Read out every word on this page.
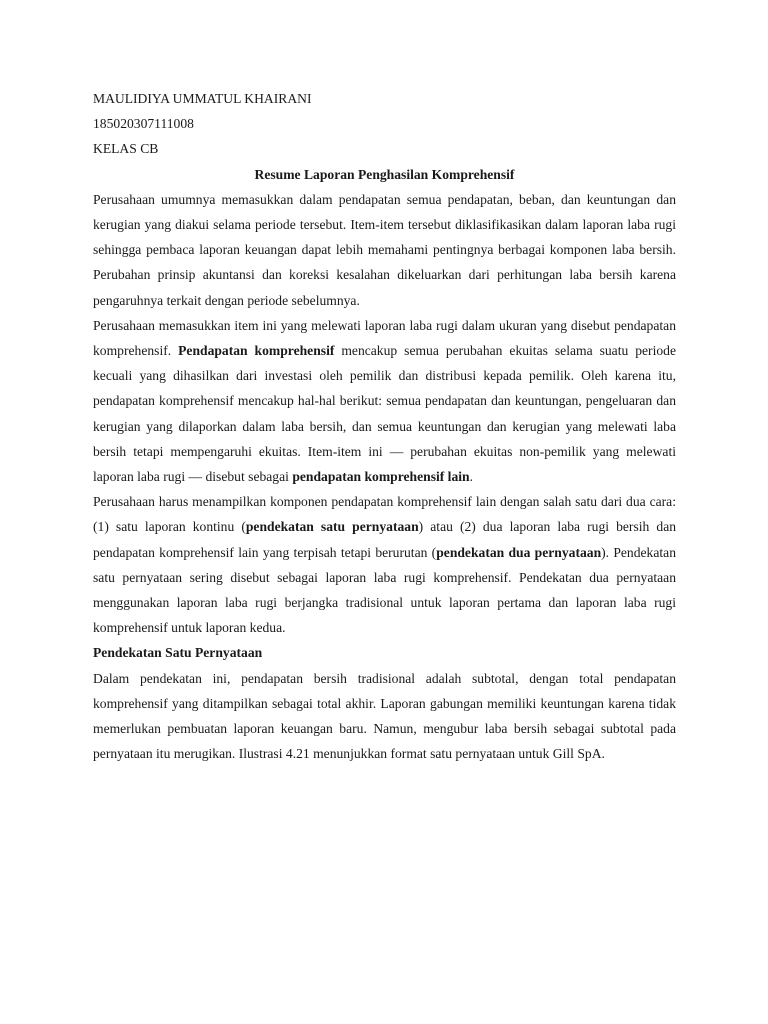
MAULIDIYA UMMATUL KHAIRANI

185020307111008

KELAS CB

Resume Laporan Penghasilan Komprehensif

Perusahaan umumnya memasukkan dalam pendapatan semua pendapatan, beban, dan keuntungan dan kerugian yang diakui selama periode tersebut. Item-item tersebut diklasifikasikan dalam laporan laba rugi sehingga pembaca laporan keuangan dapat lebih memahami pentingnya berbagai komponen laba bersih. Perubahan prinsip akuntansi dan koreksi kesalahan dikeluarkan dari perhitungan laba bersih karena pengaruhnya terkait dengan periode sebelumnya.

Perusahaan memasukkan item ini yang melewati laporan laba rugi dalam ukuran yang disebut pendapatan komprehensif. Pendapatan komprehensif mencakup semua perubahan ekuitas selama suatu periode kecuali yang dihasilkan dari investasi oleh pemilik dan distribusi kepada pemilik. Oleh karena itu, pendapatan komprehensif mencakup hal-hal berikut: semua pendapatan dan keuntungan, pengeluaran dan kerugian yang dilaporkan dalam laba bersih, dan semua keuntungan dan kerugian yang melewati laba bersih tetapi mempengaruhi ekuitas. Item-item ini — perubahan ekuitas non-pemilik yang melewati laporan laba rugi — disebut sebagai pendapatan komprehensif lain.

Perusahaan harus menampilkan komponen pendapatan komprehensif lain dengan salah satu dari dua cara: (1) satu laporan kontinu (pendekatan satu pernyataan) atau (2) dua laporan laba rugi bersih dan pendapatan komprehensif lain yang terpisah tetapi berurutan (pendekatan dua pernyataan). Pendekatan satu pernyataan sering disebut sebagai laporan laba rugi komprehensif. Pendekatan dua pernyataan menggunakan laporan laba rugi berjangka tradisional untuk laporan pertama dan laporan laba rugi komprehensif untuk laporan kedua.

Pendekatan Satu Pernyataan

Dalam pendekatan ini, pendapatan bersih tradisional adalah subtotal, dengan total pendapatan komprehensif yang ditampilkan sebagai total akhir. Laporan gabungan memiliki keuntungan karena tidak memerlukan pembuatan laporan keuangan baru. Namun, mengubur laba bersih sebagai subtotal pada pernyataan itu merugikan. Ilustrasi 4.21 menunjukkan format satu pernyataan untuk Gill SpA.
